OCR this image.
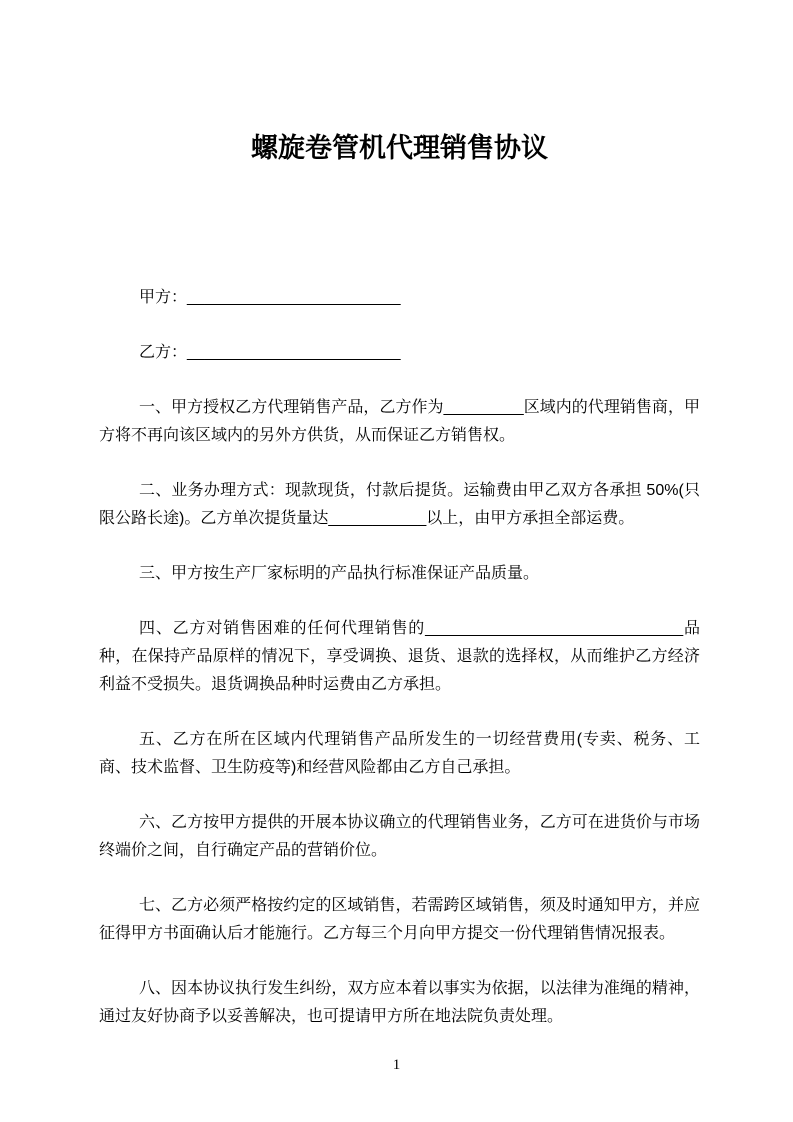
螺旋卷管机代理销售协议

甲方：________________________

乙方：________________________

一、甲方授权乙方代理销售产品，乙方作为_________区域内的代理销售商，甲方将不再向该区域内的另外方供货，从而保证乙方销售权。

二、业务办理方式：现款现货，付款后提货。运输费由甲乙双方各承担 50%(只限公路长途)。乙方单次提货量达___________以上，由甲方承担全部运费。

三、甲方按生产厂家标明的产品执行标准保证产品质量。

四、乙方对销售困难的任何代理销售的_____________________________品种，在保持产品原样的情况下，享受调换、退货、退款的选择权，从而维护乙方经济利益不受损失。退货调换品种时运费由乙方承担。

五、乙方在所在区域内代理销售产品所发生的一切经营费用(专卖、税务、工商、技术监督、卫生防疫等)和经营风险都由乙方自己承担。

六、乙方按甲方提供的开展本协议确立的代理销售业务，乙方可在进货价与市场终端价之间，自行确定产品的营销价位。

七、乙方必须严格按约定的区域销售，若需跨区域销售，须及时通知甲方，并应征得甲方书面确认后才能施行。乙方每三个月向甲方提交一份代理销售情况报表。

八、因本协议执行发生纠纷，双方应本着以事实为依据，以法律为准绳的精神，通过友好协商予以妥善解决，也可提请甲方所在地法院负责处理。

1
